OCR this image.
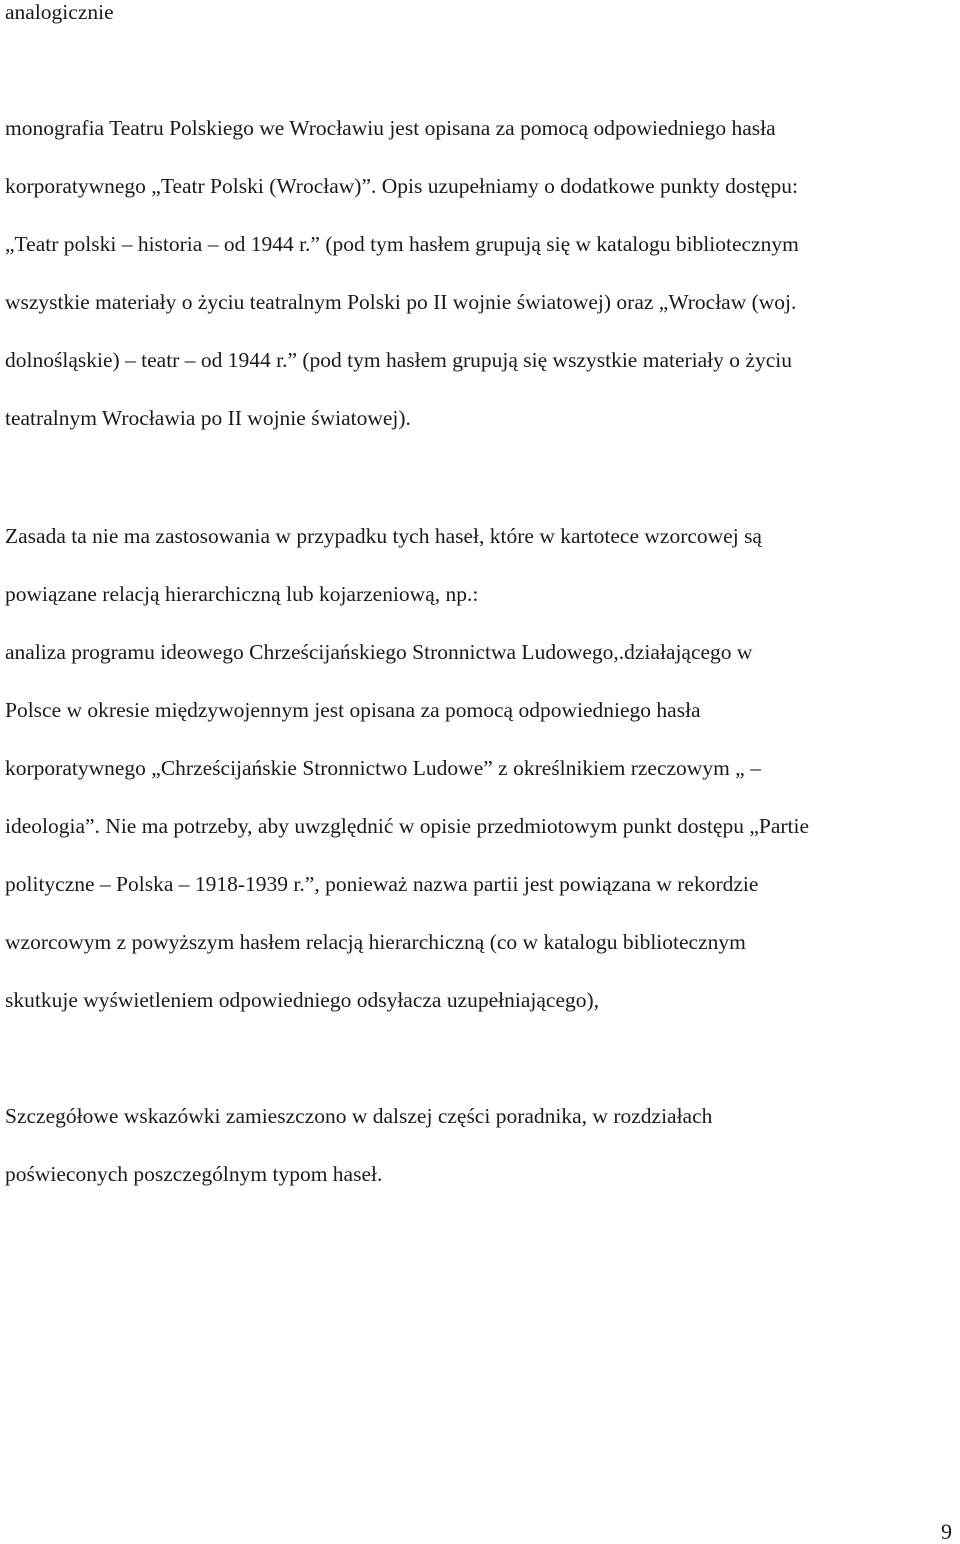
analogicznie

monografia Teatru Polskiego we Wrocławiu jest opisana za pomocą odpowiedniego hasła

korporatywnego „Teatr Polski (Wrocław)”. Opis uzupełniamy o dodatkowe punkty dostępu:

„Teatr polski – historia – od 1944 r.” (pod tym hasłem grupują się w katalogu bibliotecznym

wszystkie materiały o życiu teatralnym Polski po II wojnie światowej) oraz „Wrocław (woj.

dolnośląskie) – teatr – od 1944 r.” (pod tym hasłem grupują się wszystkie materiały o życiu

teatralnym Wrocławia po II wojnie światowej).

Zasada ta nie ma zastosowania w przypadku tych haseł, które w kartotece wzorcowej są

powiązane relacją hierarchiczną lub kojarzeniową, np.:

analiza programu ideowego Chrześcijańskiego Stronnictwa Ludowego,.działającego w

Polsce w okresie międzywojennym jest opisana za pomocą odpowiedniego hasła

korporatywnego „Chrześcijańskie Stronnictwo Ludowe” z określnikiem rzeczowym „ –

ideologia”. Nie ma potrzeby, aby uwzględnić w opisie przedmiotowym punkt dostępu „Partie

polityczne – Polska – 1918-1939 r.”, ponieważ nazwa partii jest powiązana w rekordzie

wzorcowym z powyższym hasłem relacją hierarchiczną (co w katalogu bibliotecznym

skutkuje wyświetleniem odpowiedniego odsyłacza uzupełniającego),

Szczegółowe wskazówki zamieszczono w dalszej części poradnika, w rozdziałach

poświeconych poszczególnym typom haseł.

9
